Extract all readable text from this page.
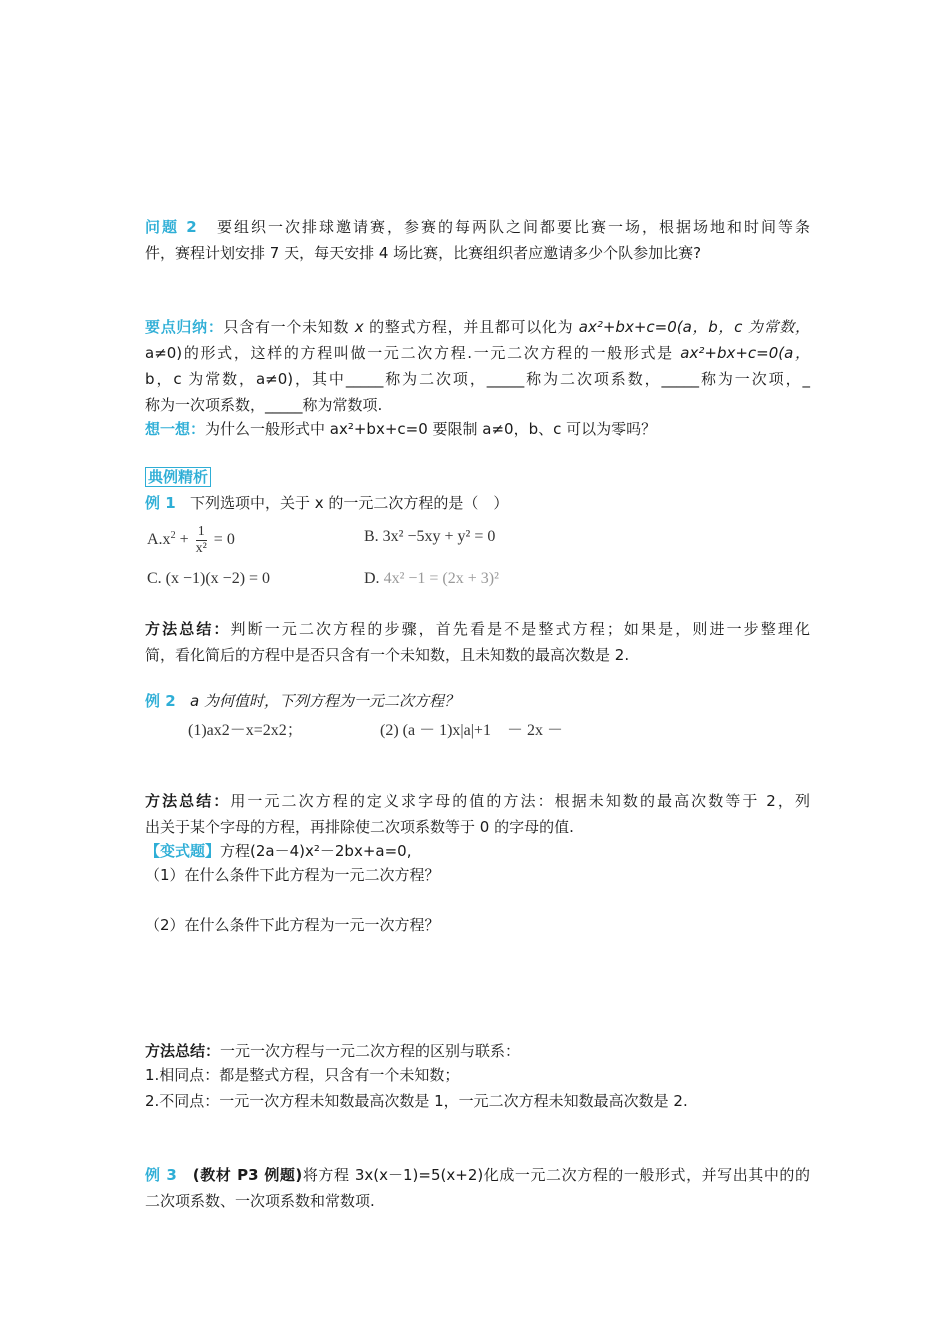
问题 2 要组织一次排球邀请赛，参赛的每两队之间都要比赛一场，根据场地和时间等条
件，赛程计划安排 7 天，每天安排 4 场比赛，比赛组织者应邀请多少个队参加比赛?
要点归纳：只含有一个未知数 x 的整式方程，并且都可以化为 ax²+bx+c=0(a，b，c 为常数，
a≠0)的形式，这样的方程叫做一元二次方程.一元二次方程的一般形式是 ax²+bx+c=0(a，
b，c 为常数，a≠0)，其中_____称为二次项，_____称为二次项系数，_____称为一次项，_
称为一次项系数，_____称为常数项.
想一想：为什么一般形式中 ax²+bx+c=0 要限制 a≠0，b、c 可以为零吗？
典例精析
例 1 下列选项中，关于 x 的一元二次方程的是（　）
$A.x^2 + \frac{1}{\text{x²}} = 0$	B. 3x² −5xy + y² = 0
C. (x −1)(x −2) = 0	D. 4x² −1 = (2x + 3)²
方法总结：判断一元二次方程的步骤，首先看是不是整式方程；如果是，则进一步整理化
简，看化简后的方程中是否只含有一个未知数，且未知数的最高次数是 2.
例 2 a 为何值时，下列方程为一元二次方程？
(1)ax2－x=2x2；	(2) (a － 1)x|a|+1　－ 2x －
方法总结：用一元二次方程的定义求字母的值的方法：根据未知数的最高次数等于 2，列
出关于某个字母的方程，再排除使二次项系数等于 0 的字母的值.
【变式题】方程(2a－4)x²－2bx+a=0,
（1）在什么条件下此方程为一元二次方程？
（2）在什么条件下此方程为一元一次方程？
方法总结：一元一次方程与一元二次方程的区别与联系：
1.相同点：都是整式方程，只含有一个未知数；
2.不同点：一元一次方程未知数最高次数是 1，一元二次方程未知数最高次数是 2.
例 3 (教材 P3 例题)将方程 3x(x－1)=5(x+2)化成一元二次方程的一般形式，并写出其中的的
二次项系数、一次项系数和常数项.
